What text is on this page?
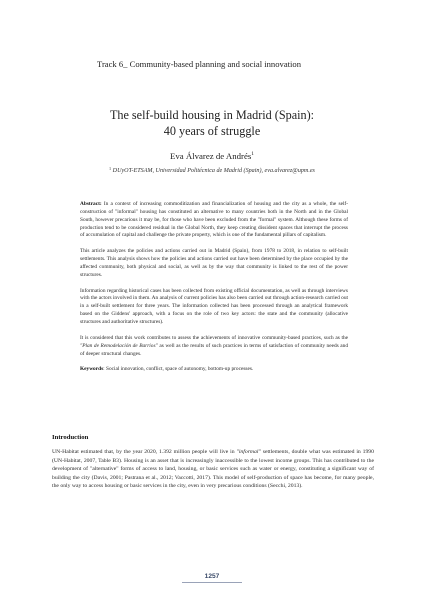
Track 6_ Community-based planning and social innovation
The self-build housing in Madrid (Spain):
40 years of struggle
Eva Álvarez de Andrés$^1$
$^1$ DUyOT-ETSAM, Universidad Politécnica de Madrid (Spain), eva.alvarez@upm.es

Abstract: In a context of increasing commoditization and financialization of housing and the city as a whole, the self-construction of "informal" housing has constituted an alternative to many countries both in the North and in the Global South, however precarious it may be, for those who have been excluded from the "formal" system. Although these forms of production tend to be considered residual in the Global North, they keep creating dissident spaces that interrupt the process of accumulation of capital and challenge the private property, which is one of the fundamental pillars of capitalism.

This article analyzes the policies and actions carried out in Madrid (Spain), from 1978 to 2018, in relation to self-built settlements. This analysis shows how the policies and actions carried out have been determined by the place occupied by the affected community, both physical and social, as well as by the way that community is linked to the rest of the power structures.

Information regarding historical cases has been collected from existing official documentation, as well as through interviews with the actors involved in them. An analysis of current policies has also been carried out through action-research carried out in a self-built settlement for three years. The information collected has been processed through an analytical framework based on the Giddens' approach, with a focus on the role of two key actors: the state and the community (allocative structures and authoritative structures).

It is considered that this work contributes to assess the achievements of innovative community-based practices, such as the "Plan de Remodelación de Barrios" as well as the results of such practices in terms of satisfaction of community needs and of deeper structural changes.

Keywords: Social innovation, conflict, space of autonomy, bottom-up processes.

Introduction
UN-Habitat estimated that, by the year 2020, 1.392 million people will live in "informal" settlements, double what was estimated in 1990 (UN-Habitat, 2007, Table B3). Housing is an asset that is increasingly inaccessible to the lowest income groups. This has contributed to the development of "alternative" forms of access to land, housing, or basic services such as water or energy, constituting a significant way of building the city (Davis, 2001; Pastrana et al., 2012; Vaccotti, 2017). This model of self-production of space has become, for many people, the only way to access housing or basic services in the city, even in very precarious conditions (Secchi, 2013).
1257
